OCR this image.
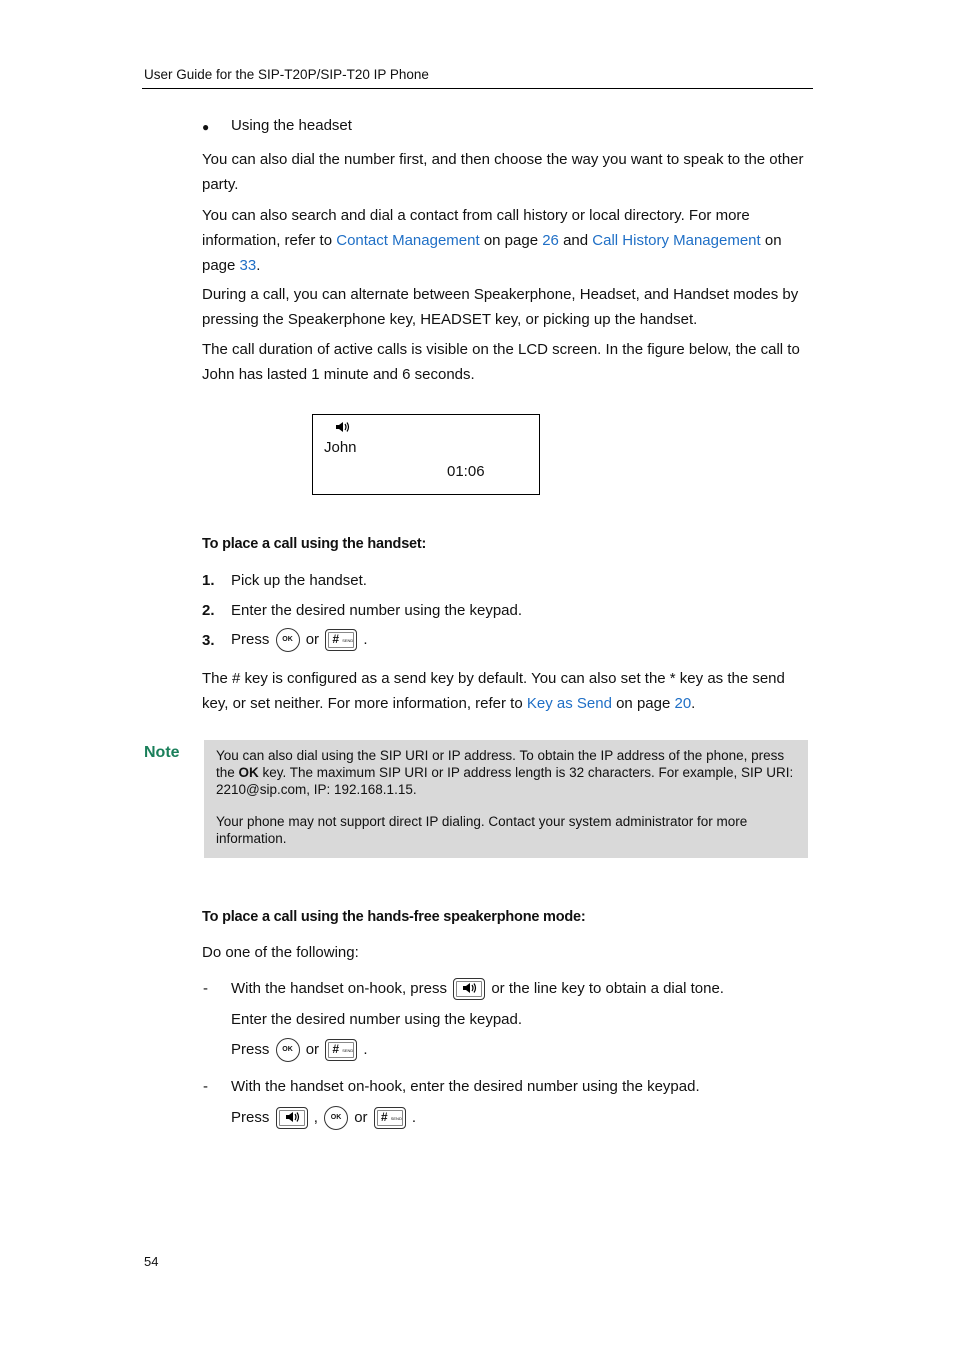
User Guide for the SIP-T20P/SIP-T20 IP Phone
● Using the headset
You can also dial the number first, and then choose the way you want to speak to the other party.
You can also search and dial a contact from call history or local directory. For more information, refer to Contact Management on page 26 and Call History Management on page 33.
During a call, you can alternate between Speakerphone, Headset, and Handset modes by pressing the Speakerphone key, HEADSET key, or picking up the handset.
The call duration of active calls is visible on the LCD screen. In the figure below, the call to John has lasted 1 minute and 6 seconds.
John
01:06
To place a call using the handset:
1. Pick up the handset.
2. Enter the desired number using the keypad.
3. Press OK or # SEND .
The # key is configured as a send key by default. You can also set the * key as the send key, or set neither. For more information, refer to Key as Send on page 20.
Note	You can also dial using the SIP URI or IP address. To obtain the IP address of the phone, press the OK key. The maximum SIP URI or IP address length is 32 characters. For example, SIP URI: 2210@sip.com, IP: 192.168.1.15.
Your phone may not support direct IP dialing. Contact your system administrator for more information.
To place a call using the hands-free speakerphone mode:
Do one of the following:
- With the handset on-hook, press	or the line key to obtain a dial tone.
Enter the desired number using the keypad.
Press OK or # SEND .
- With the handset on-hook, enter the desired number using the keypad.
Press	, OK or # SEND .
54
